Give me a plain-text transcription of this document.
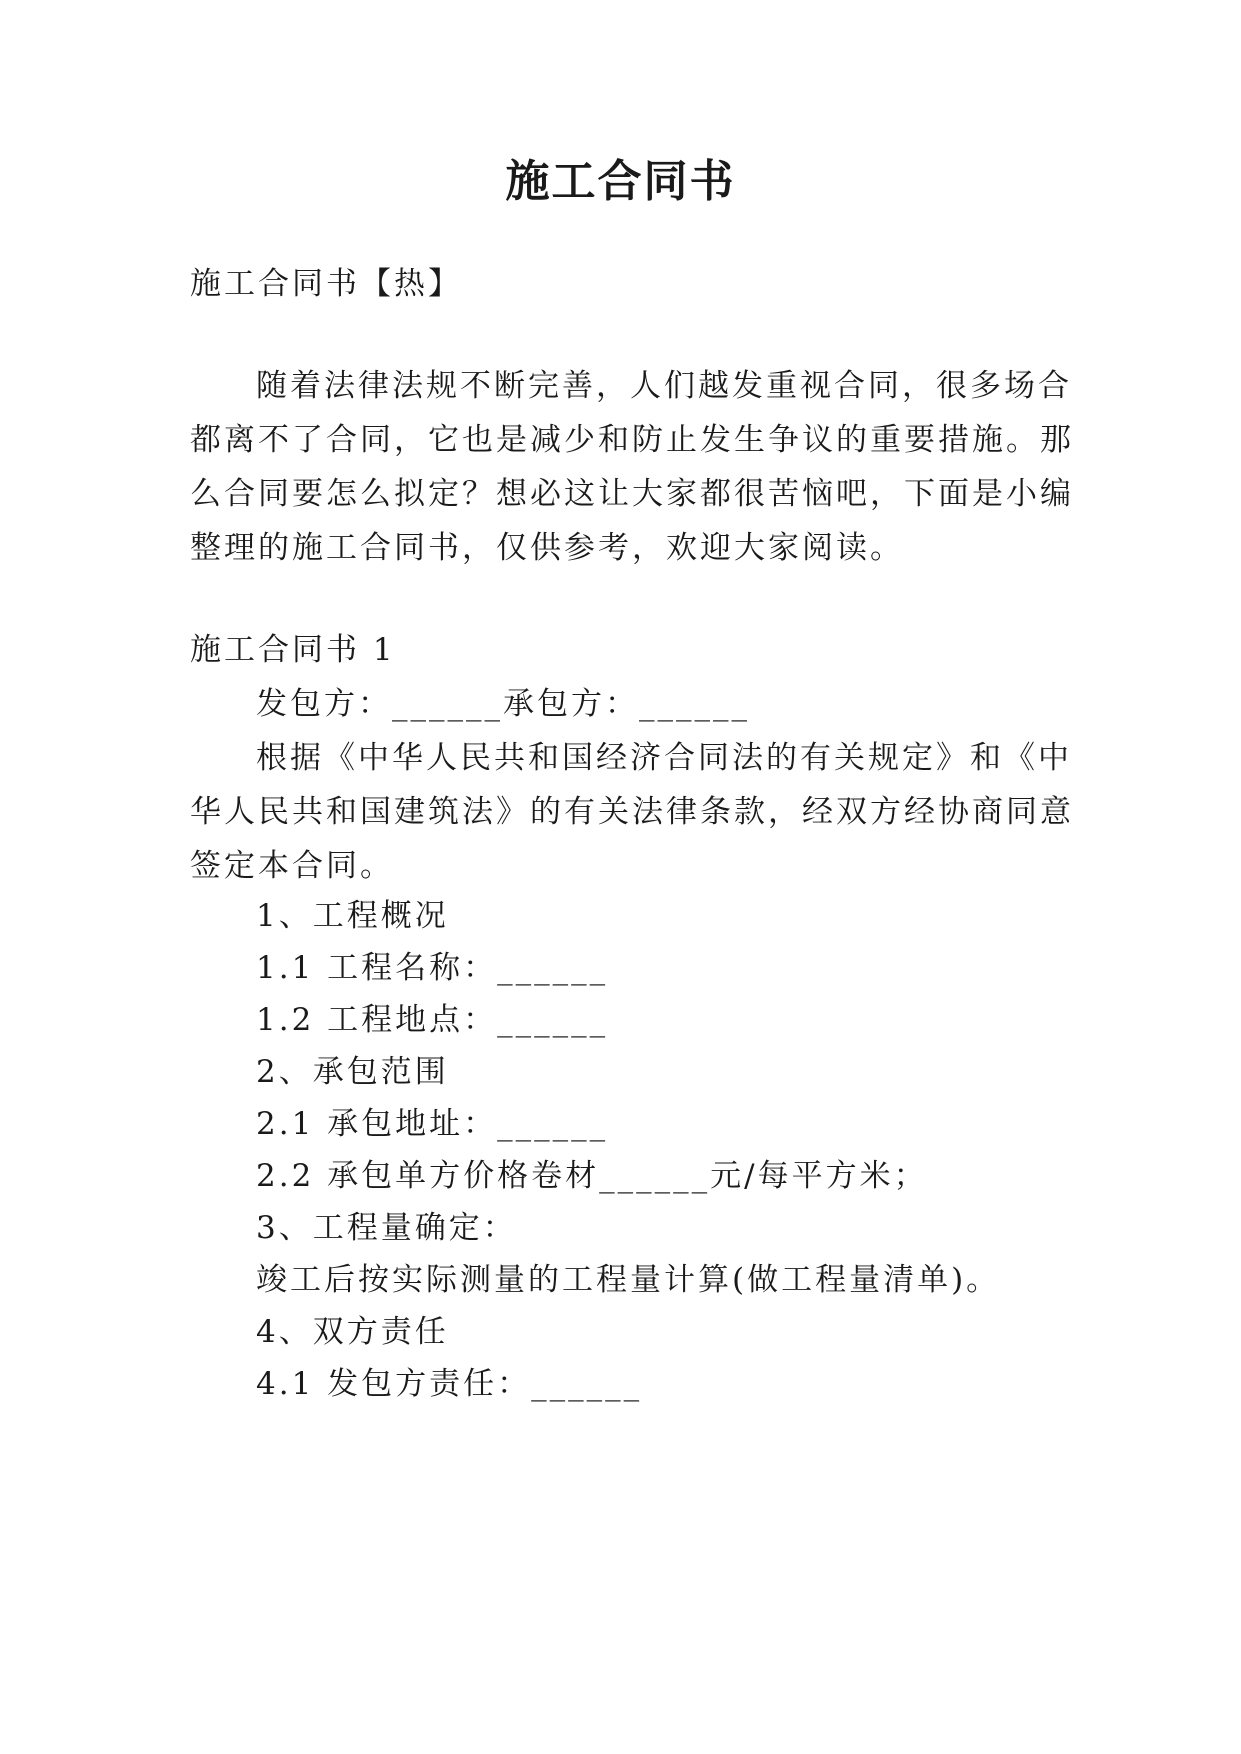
施工合同书
施工合同书【热】
随着法律法规不断完善，人们越发重视合同，很多场合
都离不了合同，它也是减少和防止发生争议的重要措施。那
么合同要怎么拟定？想必这让大家都很苦恼吧，下面是小编
整理的施工合同书，仅供参考，欢迎大家阅读。
施工合同书 1
发包方：______承包方：______
根据《中华人民共和国经济合同法的有关规定》和《中
华人民共和国建筑法》的有关法律条款，经双方经协商同意
签定本合同。
1、工程概况
1.1 工程名称：______
1.2 工程地点：______
2、承包范围
2.1 承包地址：______
2.2 承包单方价格卷材______元/每平方米；
3、工程量确定：
竣工后按实际测量的工程量计算(做工程量清单)。
4、双方责任
4.1 发包方责任：______
